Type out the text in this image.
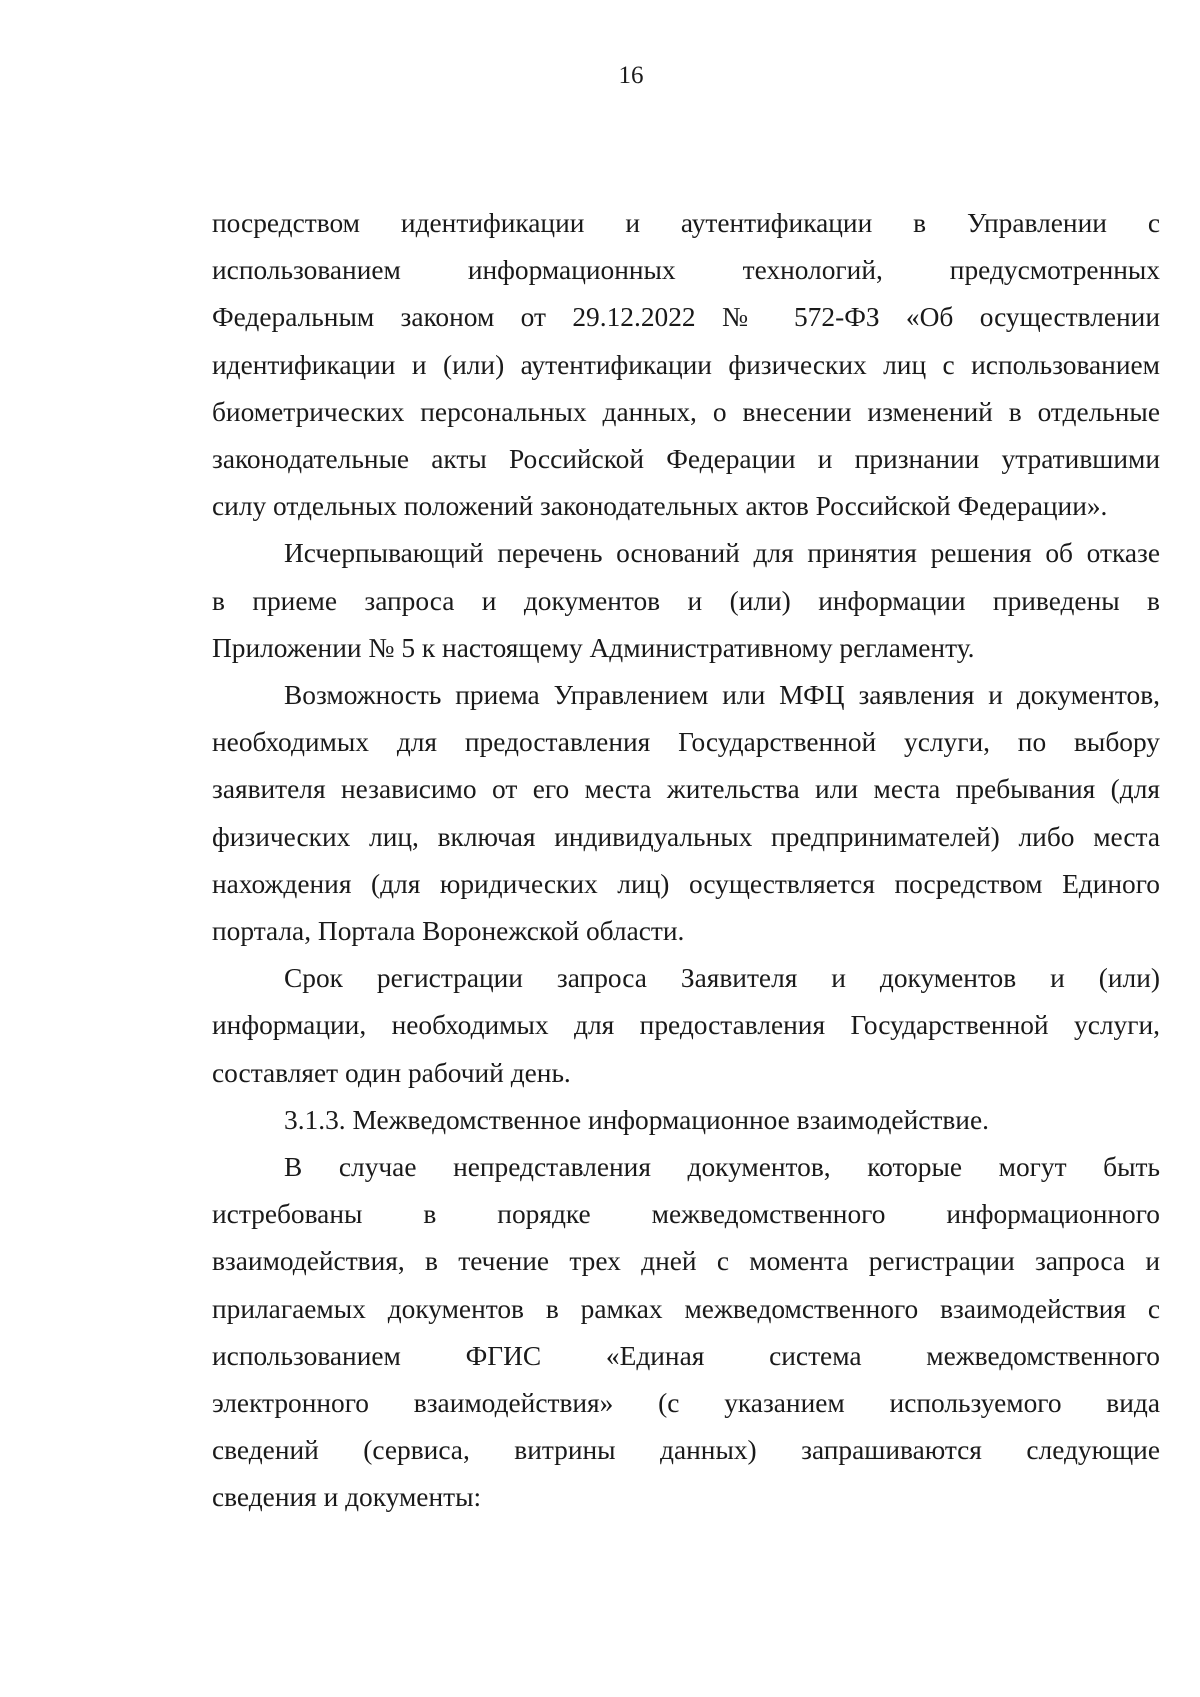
16

посредством идентификации и аутентификации в Управлении с
использованием информационных технологий, предусмотренных
Федеральным законом от 29.12.2022 № 572-ФЗ «Об осуществлении
идентификации и (или) аутентификации физических лиц с использованием
биометрических персональных данных, о внесении изменений в отдельные
законодательные акты Российской Федерации и признании утратившими
силу отдельных положений законодательных актов Российской Федерации».

Исчерпывающий перечень оснований для принятия решения об отказе
в приеме запроса и документов и (или) информации приведены в
Приложении № 5 к настоящему Административному регламенту.

Возможность приема Управлением или МФЦ заявления и документов,
необходимых для предоставления Государственной услуги, по выбору
заявителя независимо от его места жительства или места пребывания (для
физических лиц, включая индивидуальных предпринимателей) либо места
нахождения (для юридических лиц) осуществляется посредством Единого
портала, Портала Воронежской области.

Срок регистрации запроса Заявителя и документов и (или)
информации, необходимых для предоставления Государственной услуги,
составляет один рабочий день.

3.1.3. Межведомственное информационное взаимодействие.

В случае непредставления документов, которые могут быть
истребованы в порядке межведомственного информационного
взаимодействия, в течение трех дней с момента регистрации запроса и
прилагаемых документов в рамках межведомственного взаимодействия с
использованием ФГИС «Единая система межведомственного
электронного взаимодействия» (с указанием используемого вида
сведений (сервиса, витрины данных) запрашиваются следующие
сведения и документы:
